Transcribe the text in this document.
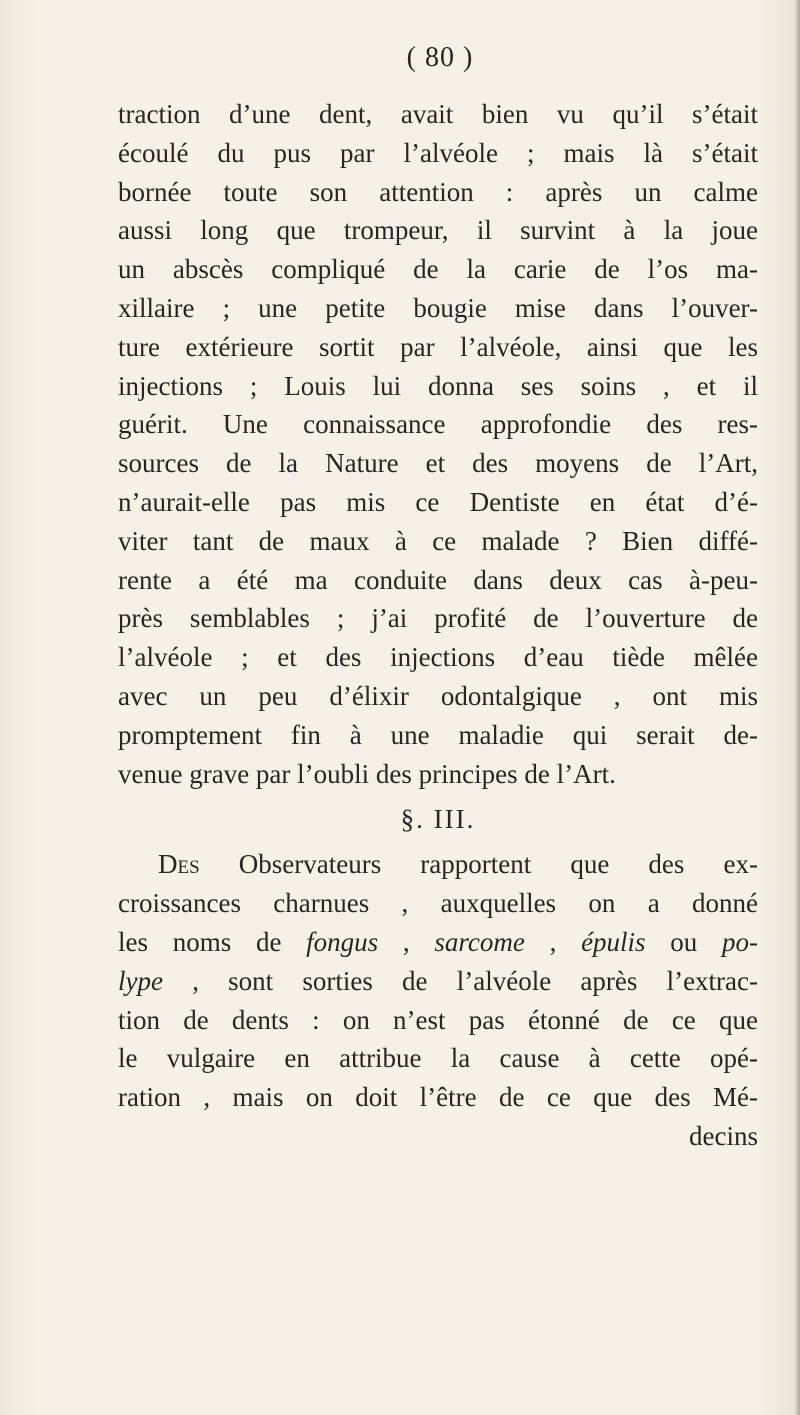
( 80 )
traction d’une dent, avait bien vu qu’il s’était
écoulé du pus par l’alvéole ; mais là s’était
bornée toute son attention : après un calme
aussi long que trompeur, il survint à la joue
un abscès compliqué de la carie de l’os ma-
xillaire ; une petite bougie mise dans l’ouver-
ture extérieure sortit par l’alvéole, ainsi que les
injections ; Louis lui donna ses soins , et il
guérit. Une connaissance approfondie des res-
sources de la Nature et des moyens de l’Art,
n’aurait-elle pas mis ce Dentiste en état d’é-
viter tant de maux à ce malade ? Bien diffé-
rente a été ma conduite dans deux cas à-peu-
près semblables ; j’ai profité de l’ouverture de
l’alvéole ; et des injections d’eau tiède mêlée
avec un peu d’élixir odontalgique , ont mis
promptement fin à une maladie qui serait de-
venue grave par l’oubli des principes de l’Art.
§. III.
Des Observateurs rapportent que des ex-
croissances charnues , auxquelles on a donné
les noms de fongus , sarcome , épulis ou po-
lype , sont sorties de l’alvéole après l’extrac-
tion de dents : on n’est pas étonné de ce que
le vulgaire en attribue la cause à cette opé-
ration , mais on doit l’être de ce que des Mé-
decins
